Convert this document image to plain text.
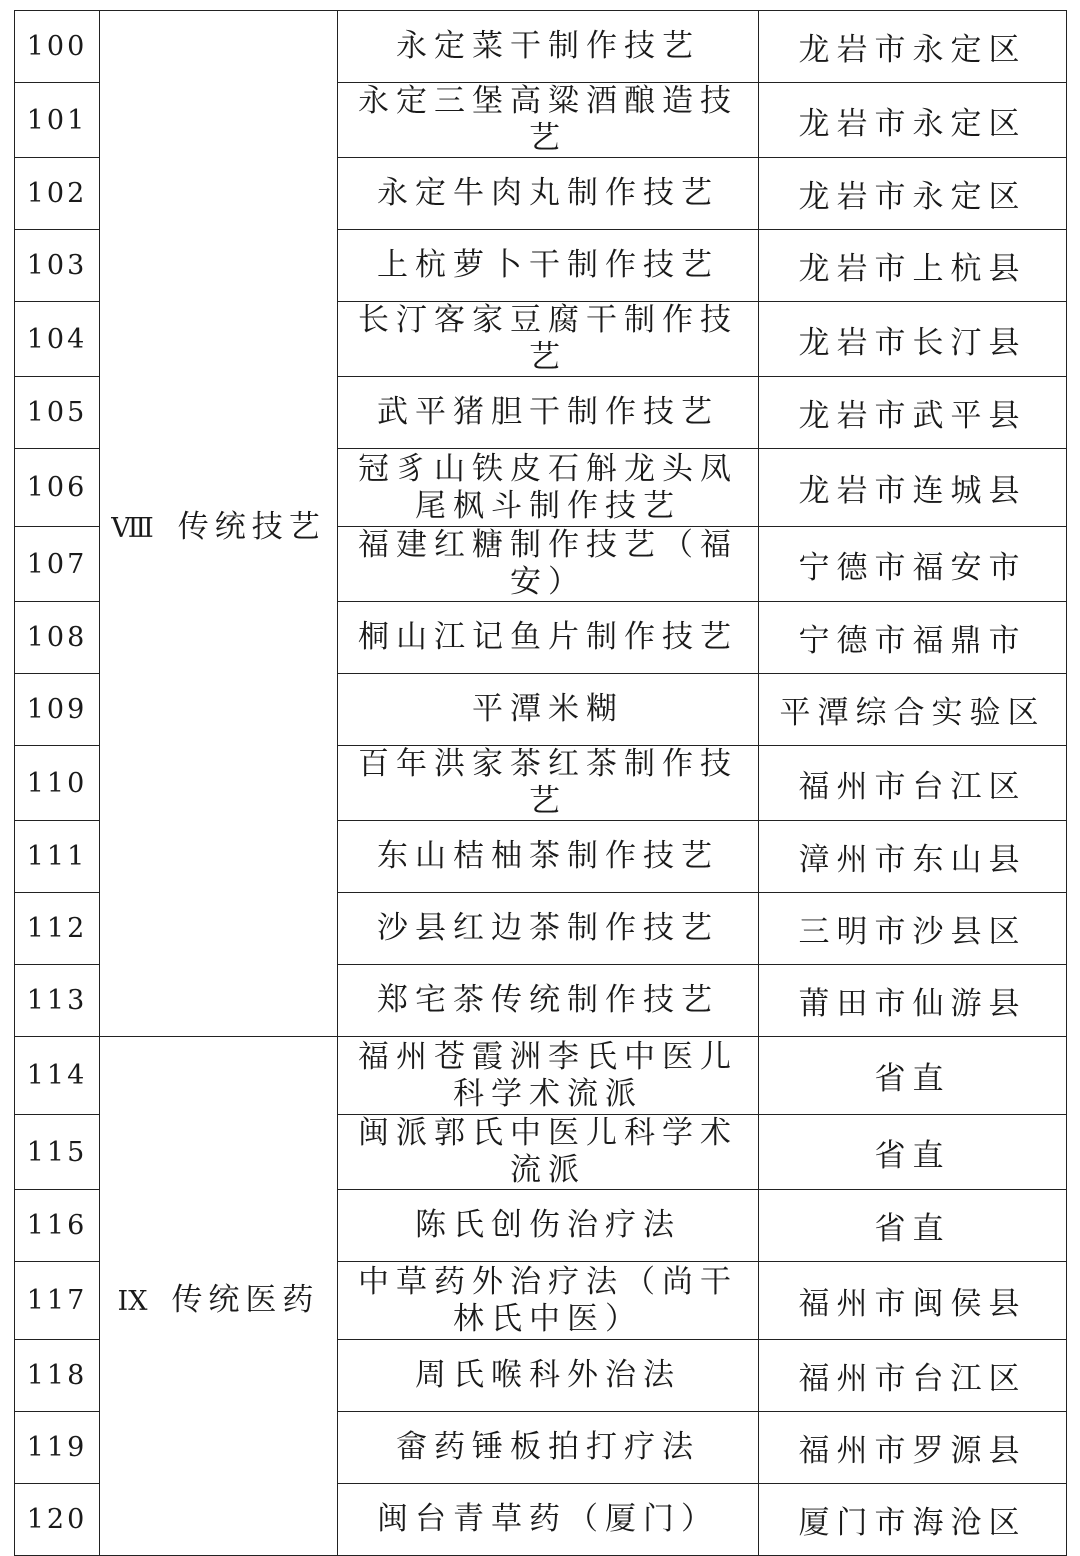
100	Ⅷ 传统技艺	永定菜干制作技艺	龙岩市永定区
101		永定三堡高粱酒酿造技艺	龙岩市永定区
102		永定牛肉丸制作技艺	龙岩市永定区
103		上杭萝卜干制作技艺	龙岩市上杭县
104		长汀客家豆腐干制作技艺	龙岩市长汀县
105		武平猪胆干制作技艺	龙岩市武平县
106		冠豸山铁皮石斛龙头凤尾枫斗制作技艺	龙岩市连城县
107		福建红糖制作技艺（福安）	宁德市福安市
108		桐山江记鱼片制作技艺	宁德市福鼎市
109		平潭米糊	平潭综合实验区
110		百年洪家茶红茶制作技艺	福州市台江区
111		东山桔柚茶制作技艺	漳州市东山县
112		沙县红边茶制作技艺	三明市沙县区
113		郑宅茶传统制作技艺	莆田市仙游县
114	IX 传统医药	福州苍霞洲李氏中医儿科学术流派	省直
115		闽派郭氏中医儿科学术流派	省直
116		陈氏创伤治疗法	省直
117		中草药外治疗法（尚干林氏中医）	福州市闽侯县
118		周氏喉科外治法	福州市台江区
119		畲药锤板拍打疗法	福州市罗源县
120		闽台青草药（厦门）	厦门市海沧区
